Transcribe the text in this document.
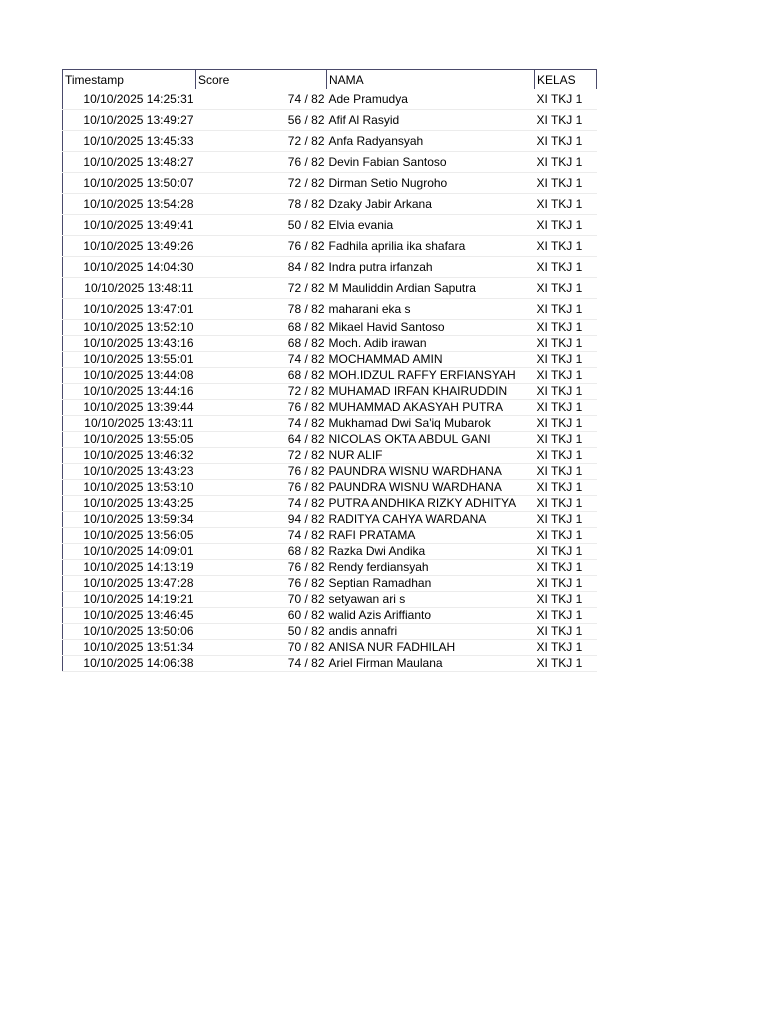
Timestamp	Score	NAMA	KELAS
10/10/2025 14:25:31	74 / 82	Ade Pramudya	XI TKJ 1
10/10/2025 13:49:27	56 / 82	Afif Al Rasyid	XI TKJ 1
10/10/2025 13:45:33	72 / 82	Anfa Radyansyah	XI TKJ 1
10/10/2025 13:48:27	76 / 82	Devin Fabian Santoso	XI TKJ 1
10/10/2025 13:50:07	72 / 82	Dirman Setio Nugroho	XI TKJ 1
10/10/2025 13:54:28	78 / 82	Dzaky Jabir Arkana	XI TKJ 1
10/10/2025 13:49:41	50 / 82	Elvia evania	XI TKJ 1
10/10/2025 13:49:26	76 / 82	Fadhila aprilia ika shafara	XI TKJ 1
10/10/2025 14:04:30	84 / 82	Indra putra irfanzah	XI TKJ 1
10/10/2025 13:48:11	72 / 82	M Mauliddin Ardian Saputra	XI TKJ 1
10/10/2025 13:47:01	78 / 82	maharani eka s	XI TKJ 1
10/10/2025 13:52:10	68 / 82	Mikael Havid Santoso	XI TKJ 1
10/10/2025 13:43:16	68 / 82	Moch. Adib irawan	XI TKJ 1
10/10/2025 13:55:01	74 / 82	MOCHAMMAD AMIN	XI TKJ 1
10/10/2025 13:44:08	68 / 82	MOH.IDZUL RAFFY ERFIANSYAH	XI TKJ 1
10/10/2025 13:44:16	72 / 82	MUHAMAD IRFAN KHAIRUDDIN	XI TKJ 1
10/10/2025 13:39:44	76 / 82	MUHAMMAD AKASYAH PUTRA	XI TKJ 1
10/10/2025 13:43:11	74 / 82	Mukhamad Dwi Sa'iq Mubarok	XI TKJ 1
10/10/2025 13:55:05	64 / 82	NICOLAS OKTA ABDUL GANI	XI TKJ 1
10/10/2025 13:46:32	72 / 82	NUR ALIF	XI TKJ 1
10/10/2025 13:43:23	76 / 82	PAUNDRA WISNU WARDHANA	XI TKJ 1
10/10/2025 13:53:10	76 / 82	PAUNDRA WISNU WARDHANA	XI TKJ 1
10/10/2025 13:43:25	74 / 82	PUTRA ANDHIKA RIZKY ADHITYA	XI TKJ 1
10/10/2025 13:59:34	94 / 82	RADITYA CAHYA WARDANA	XI TKJ 1
10/10/2025 13:56:05	74 / 82	RAFI PRATAMA	XI TKJ 1
10/10/2025 14:09:01	68 / 82	Razka Dwi Andika	XI TKJ 1
10/10/2025 14:13:19	76 / 82	Rendy ferdiansyah	XI TKJ 1
10/10/2025 13:47:28	76 / 82	Septian Ramadhan	XI TKJ 1
10/10/2025 14:19:21	70 / 82	setyawan ari s	XI TKJ 1
10/10/2025 13:46:45	60 / 82	walid Azis Ariffianto	XI TKJ 1
10/10/2025 13:50:06	50 / 82	andis annafri	XI TKJ 1
10/10/2025 13:51:34	70 / 82	ANISA NUR FADHILAH	XI TKJ 1
10/10/2025 14:06:38	74 / 82	Ariel Firman Maulana	XI TKJ 1
